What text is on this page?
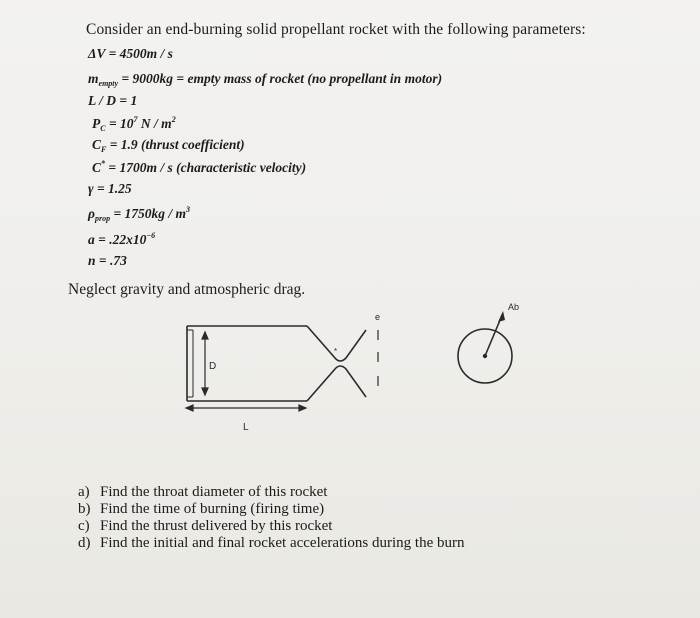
Consider an end-burning solid propellant rocket with the following parameters:
ΔV = 4500m / s
$m_{empty} = 9000kg$ = empty mass of rocket (no propellant in motor)
L / D = 1
$P_C = 10^7$ N / $m^2$
$C_F = 1.9$ (thrust coefficient)
C* = 1700m / s (characteristic velocity)
γ = 1.25
$\rho_{prop} = 1750kg / m^3$
$a = .22x10^{-6}$
n = .73
Neglect gravity and atmospheric drag.
D
L
e
*
Ab
a) Find the throat diameter of this rocket
b) Find the time of burning (firing time)
c) Find the thrust delivered by this rocket
d) Find the initial and final rocket accelerations during the burn
